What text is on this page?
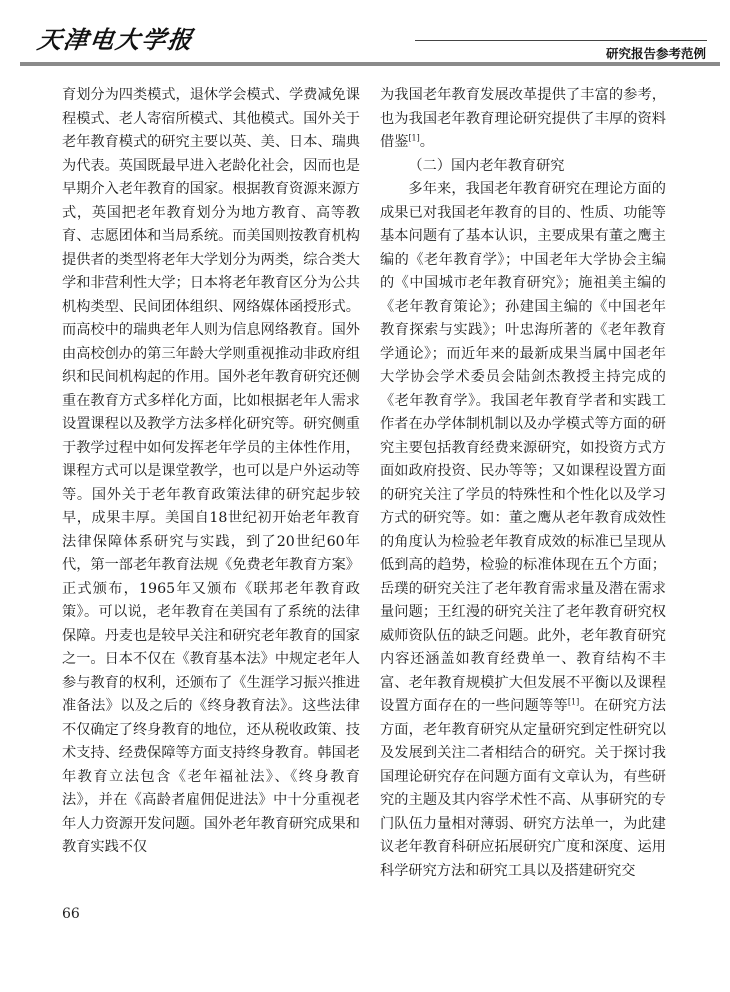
天津电大学报	研究报告参考范例

育划分为四类模式，退休学会模式、学费减免课程模式、老人寄宿所模式、其他模式。国外关于老年教育模式的研究主要以英、美、日本、瑞典为代表。英国既最早进入老龄化社会，因而也是早期介入老年教育的国家。根据教育资源来源方式，英国把老年教育划分为地方教育、高等教育、志愿团体和当局系统。而美国则按教育机构提供者的类型将老年大学划分为两类，综合类大学和非营利性大学；日本将老年教育区分为公共机构类型、民间团体组织、网络媒体函授形式。而高校中的瑞典老年人则为信息网络教育。国外由高校创办的第三年龄大学则重视推动非政府组织和民间机构起的作用。国外老年教育研究还侧重在教育方式多样化方面，比如根据老年人需求设置课程以及教学方法多样化研究等。研究侧重于教学过程中如何发挥老年学员的主体性作用，课程方式可以是课堂教学，也可以是户外运动等等。国外关于老年教育政策法律的研究起步较早，成果丰厚。美国自18世纪初开始老年教育法律保障体系研究与实践，到了20世纪60年代，第一部老年教育法规《免费老年教育方案》正式颁布，1965年又颁布《联邦老年教育政策》。可以说，老年教育在美国有了系统的法律保障。丹麦也是较早关注和研究老年教育的国家之一。日本不仅在《教育基本法》中规定老年人参与教育的权利，还颁布了《生涯学习振兴推进准备法》以及之后的《终身教育法》。这些法律不仅确定了终身教育的地位，还从税收政策、技术支持、经费保障等方面支持终身教育。韩国老年教育立法包含《老年福祉法》、《终身教育法》，并在《高龄者雇佣促进法》中十分重视老年人力资源开发问题。国外老年教育研究成果和教育实践不仅

为我国老年教育发展改革提供了丰富的参考，也为我国老年教育理论研究提供了丰厚的资料借鉴[1]。

（二）国内老年教育研究

多年来，我国老年教育研究在理论方面的成果已对我国老年教育的目的、性质、功能等基本问题有了基本认识，主要成果有董之鹰主编的《老年教育学》；中国老年大学协会主编的《中国城市老年教育研究》；施祖美主编的《老年教育策论》；孙建国主编的《中国老年教育探索与实践》；叶忠海所著的《老年教育学通论》；而近年来的最新成果当属中国老年大学协会学术委员会陆剑杰教授主持完成的《老年教育学》。我国老年教育学者和实践工作者在办学体制机制以及办学模式等方面的研究主要包括教育经费来源研究，如投资方式方面如政府投资、民办等等；又如课程设置方面的研究关注了学员的特殊性和个性化以及学习方式的研究等。如：董之鹰从老年教育成效性的角度认为检验老年教育成效的标准已呈现从低到高的趋势，检验的标准体现在五个方面；岳璞的研究关注了老年教育需求量及潜在需求量问题；王红漫的研究关注了老年教育研究权威师资队伍的缺乏问题。此外，老年教育研究内容还涵盖如教育经费单一、教育结构不丰富、老年教育规模扩大但发展不平衡以及课程设置方面存在的一些问题等等[1]。在研究方法方面，老年教育研究从定量研究到定性研究以及发展到关注二者相结合的研究。关于探讨我国理论研究存在问题方面有文章认为，有些研究的主题及其内容学术性不高、从事研究的专门队伍力量相对薄弱、研究方法单一，为此建议老年教育科研应拓展研究广度和深度、运用科学研究方法和研究工具以及搭建研究交

66
